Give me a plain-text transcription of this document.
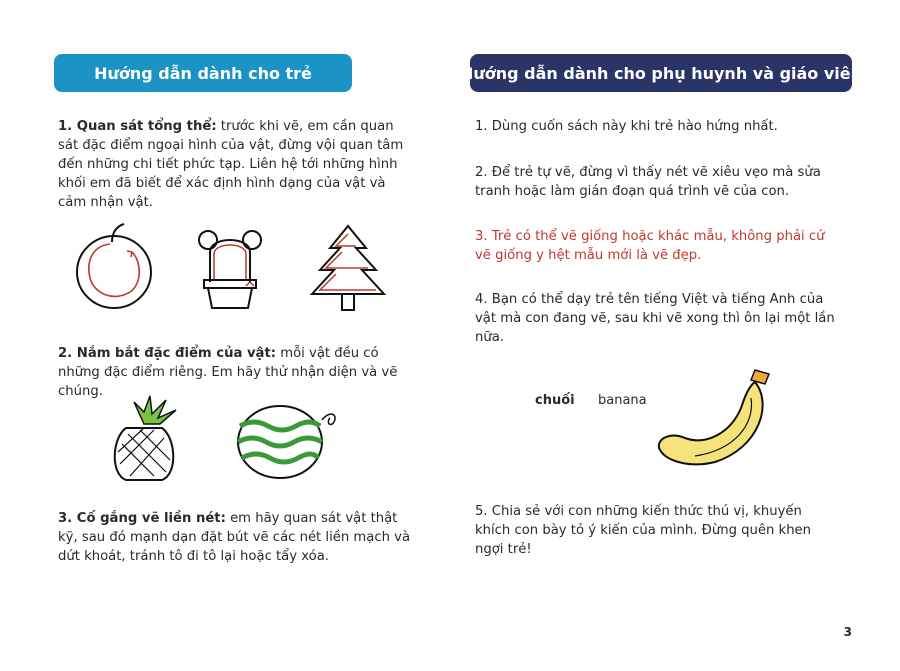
Hướng dẫn dành cho trẻ

1. Quan sát tổng thể: trước khi vẽ, em cần quan sát đặc điểm ngoại hình của vật, đừng vội quan tâm đến những chi tiết phức tạp. Liên hệ tới những hình khối em đã biết để xác định hình dạng của vật và cảm nhận vật.

2. Nắm bắt đặc điểm của vật: mỗi vật đều có những đặc điểm riêng. Em hãy thử nhận diện và vẽ chúng.

3. Cố gắng vẽ liền nét: em hãy quan sát vật thật kỹ, sau đó mạnh dạn đặt bút vẽ các nét liền mạch và dứt khoát, tránh tô đi tô lại hoặc tẩy xóa.

Hướng dẫn dành cho phụ huynh và giáo viên

1. Dùng cuốn sách này khi trẻ hào hứng nhất.

2. Để trẻ tự vẽ, đừng vì thấy nét vẽ xiêu vẹo mà sửa tranh hoặc làm gián đoạn quá trình vẽ của con.

3. Trẻ có thể vẽ giống hoặc khác mẫu, không phải cứ vẽ giống y hệt mẫu mới là vẽ đẹp.

4. Bạn có thể dạy trẻ tên tiếng Việt và tiếng Anh của vật mà con đang vẽ, sau khi vẽ xong thì ôn lại một lần nữa.

chuối banana

5. Chia sẻ với con những kiến thức thú vị, khuyến khích con bày tỏ ý kiến của mình. Đừng quên khen ngợi trẻ!

3
